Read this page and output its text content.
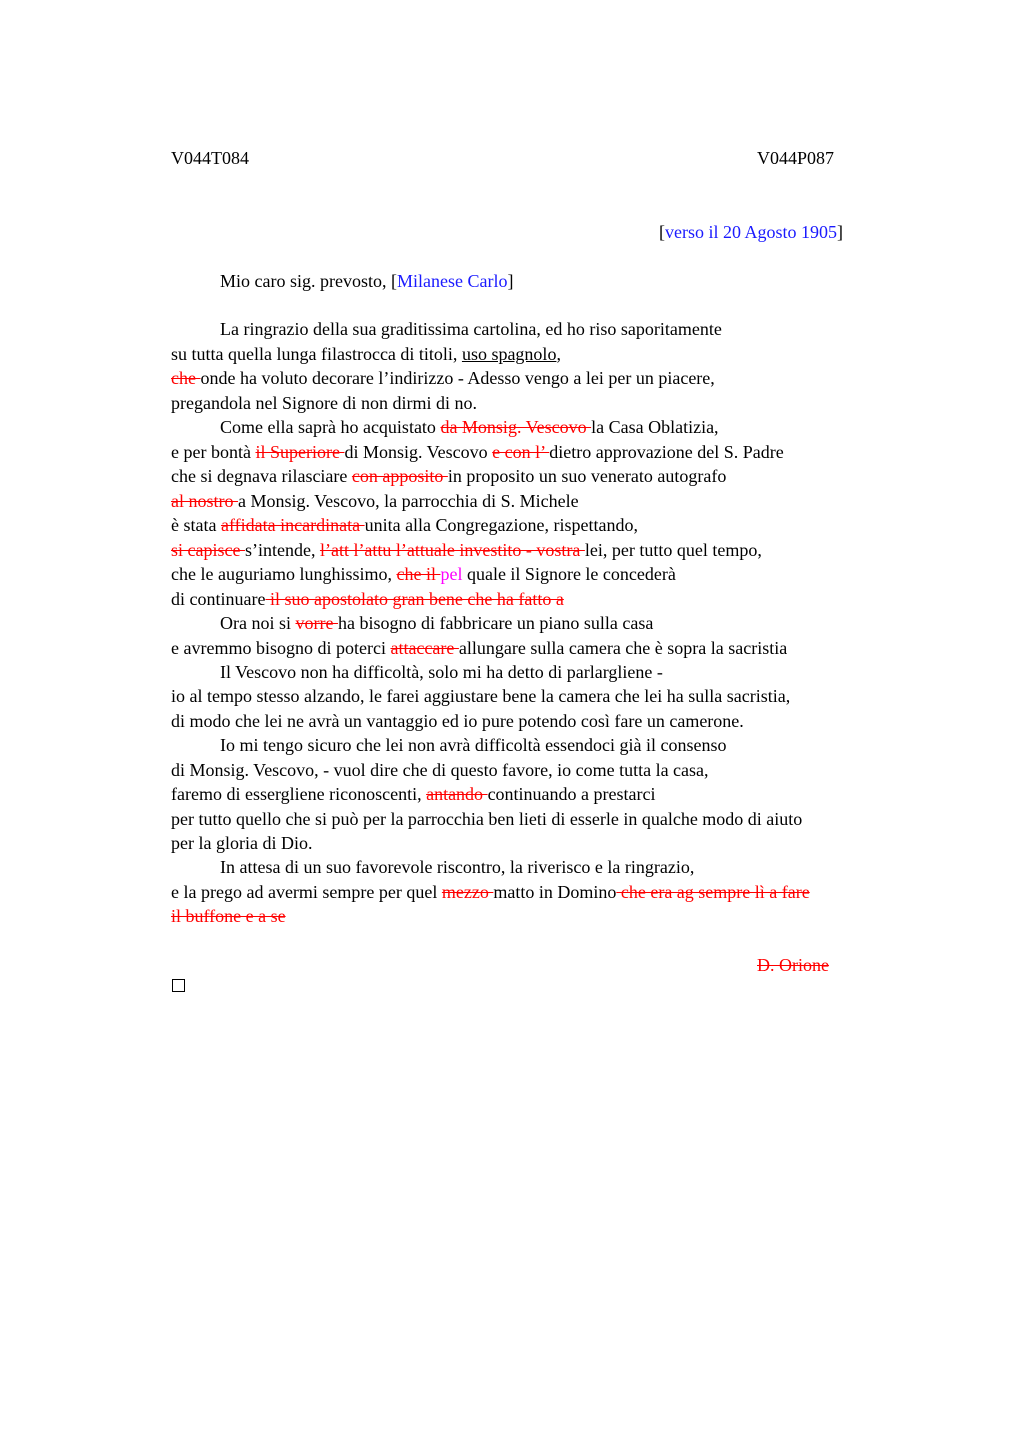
V044T084	V044P087
[verso il 20 Agosto 1905]
Mio caro sig. prevosto, [Milanese Carlo]
La ringrazio della sua graditissima cartolina, ed ho riso saporitamente
su tutta quella lunga filastrocca di titoli, uso spagnolo,
che onde ha voluto decorare l’indirizzo - Adesso vengo a lei per un piacere,
pregandola nel Signore di non dirmi di no.
Come ella saprà ho acquistato da Monsig. Vescovo la Casa Oblatizia,
e per bontà il Superiore di Monsig. Vescovo e con l’ dietro approvazione del S. Padre
che si degnava rilasciare con apposito in proposito un suo venerato autografo
al nostro a Monsig. Vescovo, la parrocchia di S. Michele
è stata affidata incardinata unita alla Congregazione, rispettando,
si capisce s’intende, l’att l’attu l’attuale investito - vostra lei, per tutto quel tempo,
che le auguriamo lunghissimo, che il pel quale il Signore le concederà
di continuare il suo apostolato gran bene che ha fatto a
Ora noi si vorre ha bisogno di fabbricare un piano sulla casa
e avremmo bisogno di poterci attaccare allungare sulla camera che è sopra la sacristia
Il Vescovo non ha difficoltà, solo mi ha detto di parlargliene -
io al tempo stesso alzando, le farei aggiustare bene la camera che lei ha sulla sacristia,
di modo che lei ne avrà un vantaggio ed io pure potendo così fare un camerone.
Io mi tengo sicuro che lei non avrà difficoltà essendoci già il consenso
di Monsig. Vescovo, - vuol dire che di questo favore, io come tutta la casa,
faremo di essergliene riconoscenti, antando continuando a prestarci
per tutto quello che si può per la parrocchia ben lieti di esserle in qualche modo di aiuto
per la gloria di Dio.
In attesa di un suo favorevole riscontro, la riverisco e la ringrazio,
e la prego ad avermi sempre per quel mezzo matto in Domino che era ag sempre lì a fare
il buffone e a se
D. Orione
